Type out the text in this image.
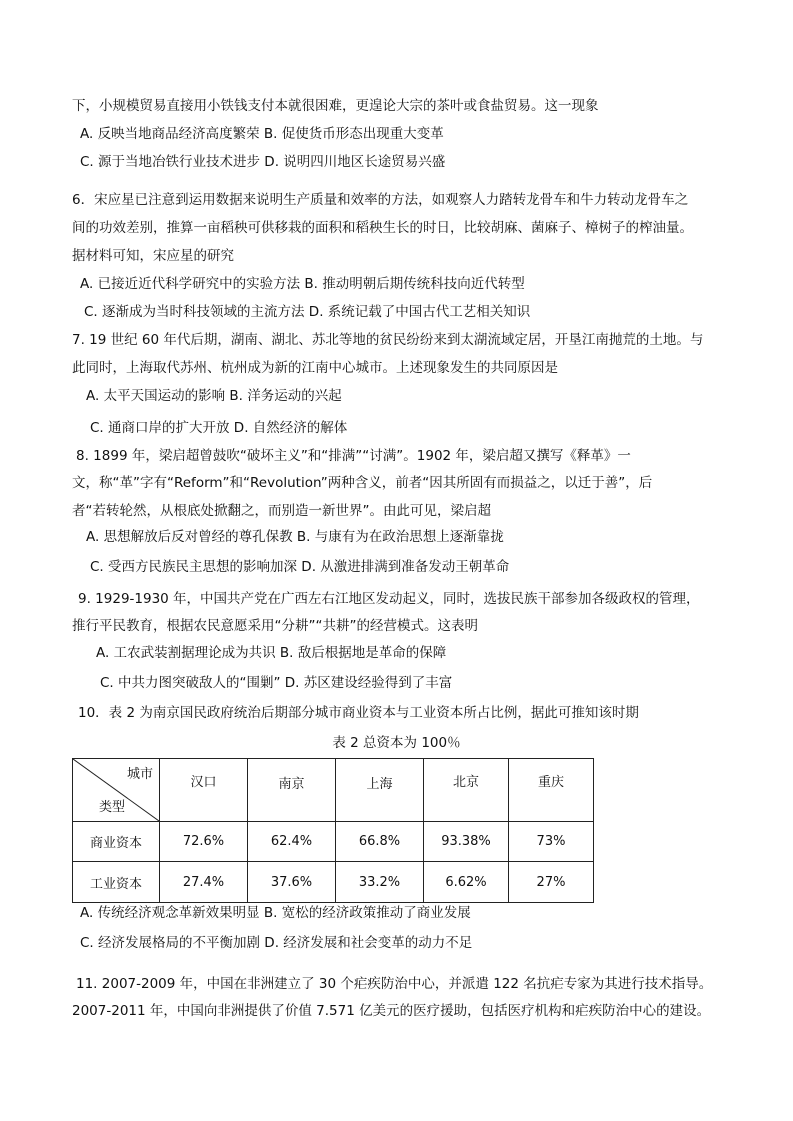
下，小规模贸易直接用小铁钱支付本就很困难，更遑论大宗的茶叶或食盐贸易。这一现象
A. 反映当地商品经济高度繁荣 B. 促使货币形态出现重大变革
C. 源于当地冶铁行业技术进步 D. 说明四川地区长途贸易兴盛
6．宋应星已注意到运用数据来说明生产质量和效率的方法，如观察人力踏转龙骨车和牛力转动龙骨车之
间的功效差别，推算一亩稻秧可供移栽的面积和稻秧生长的时日，比较胡麻、菌麻子、樟树子的榨油量。
据材料可知，宋应星的研究
A. 已接近近代科学研究中的实验方法 B. 推动明朝后期传统科技向近代转型
C. 逐渐成为当时科技领域的主流方法 D. 系统记载了中国古代工艺相关知识
7. 19 世纪 60 年代后期，湖南、湖北、苏北等地的贫民纷纷来到太湖流域定居，开垦江南抛荒的土地。与
此同时，上海取代苏州、杭州成为新的江南中心城市。上述现象发生的共同原因是
A. 太平天国运动的影响 B. 洋务运动的兴起
C. 通商口岸的扩大开放 D. 自然经济的解体
8. 1899 年，梁启超曾鼓吹“破坏主义”和“排满”“讨满”。1902 年，梁启超又撰写《释革》一
文，称“革”字有“Reform”和“Revolution”两种含义，前者“因其所固有而损益之，以迁于善”，后
者“若转轮然，从根底处掀翻之，而别造一新世界”。由此可见，梁启超
A. 思想解放后反对曾经的尊孔保教 B. 与康有为在政治思想上逐渐靠拢
C. 受西方民族民主思想的影响加深 D. 从激进排满到准备发动王朝革命
9. 1929-1930 年，中国共产党在广西左右江地区发动起义，同时，选拔民族干部参加各级政权的管理，
推行平民教育，根据农民意愿采用“分耕”“共耕”的经营模式。这表明
A. 工农武装割据理论成为共识 B. 敌后根据地是革命的保障
C. 中共力图突破敌人的“围剿” D. 苏区建设经验得到了丰富
10．表 2 为南京国民政府统治后期部分城市商业资本与工业资本所占比例，据此可推知该时期
表 2 总资本为 100％
城市
类型	汉口	南京	上海	北京	重庆
商业资本	72.6%	62.4%	66.8%	93.38%	73%
工业资本	27.4%	37.6%	33.2%	6.62%	27%
A. 传统经济观念革新效果明显 B. 宽松的经济政策推动了商业发展
C. 经济发展格局的不平衡加剧 D. 经济发展和社会变革的动力不足
11. 2007-2009 年，中国在非洲建立了 30 个疟疾防治中心，并派遣 122 名抗疟专家为其进行技术指导。
2007-2011 年，中国向非洲提供了价值 7.571 亿美元的医疗援助，包括医疗机构和疟疾防治中心的建设。
